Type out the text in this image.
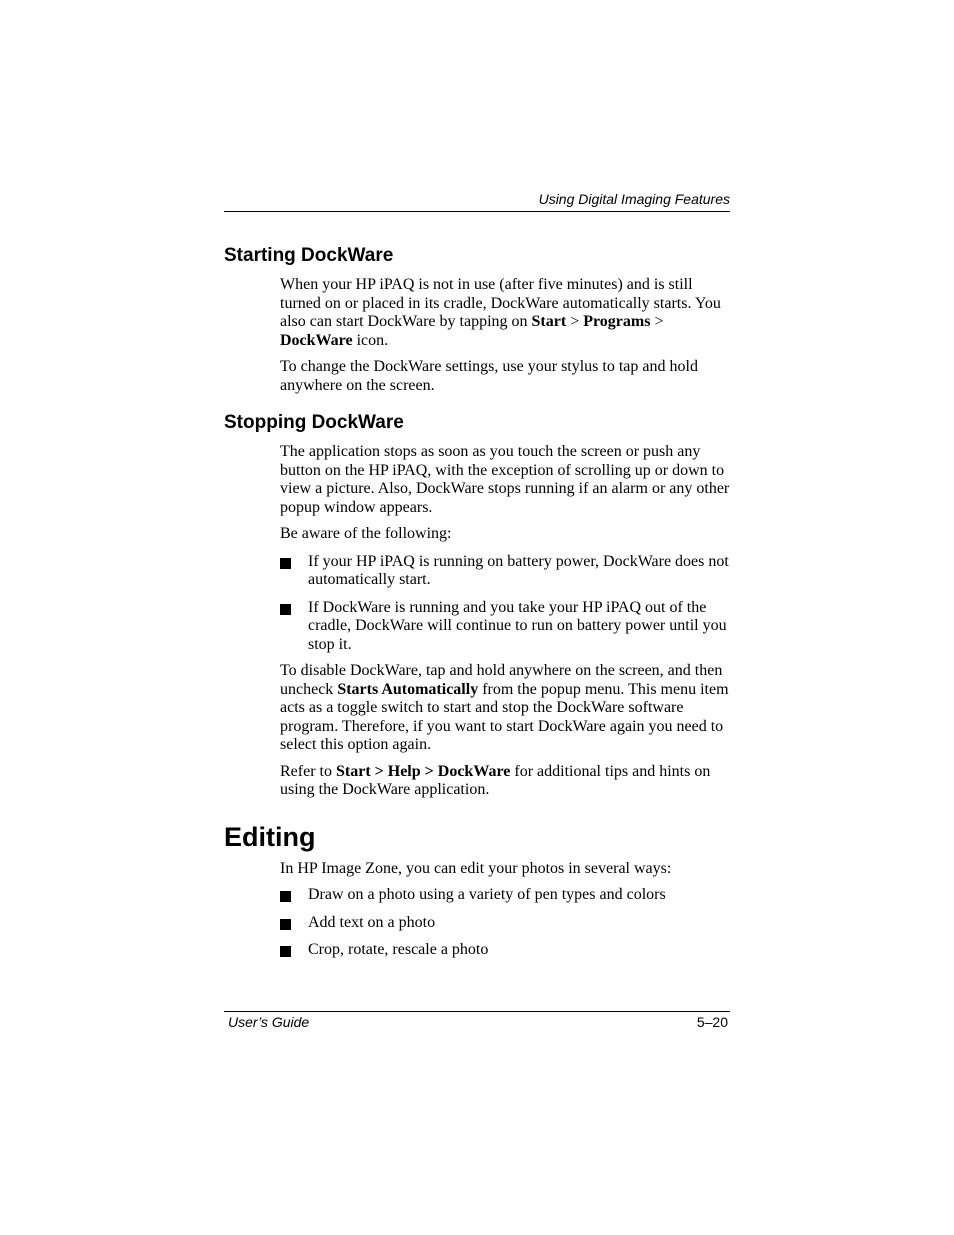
Using Digital Imaging Features
Starting DockWare

When your HP iPAQ is not in use (after five minutes) and is still turned on or placed in its cradle, DockWare automatically starts. You also can start DockWare by tapping on Start > Programs > DockWare icon.

To change the DockWare settings, use your stylus to tap and hold anywhere on the screen.

Stopping DockWare

The application stops as soon as you touch the screen or push any button on the HP iPAQ, with the exception of scrolling up or down to view a picture. Also, DockWare stops running if an alarm or any other popup window appears.

Be aware of the following:

If your HP iPAQ is running on battery power, DockWare does not automatically start.
If DockWare is running and you take your HP iPAQ out of the cradle, DockWare will continue to run on battery power until you stop it.

To disable DockWare, tap and hold anywhere on the screen, and then uncheck Starts Automatically from the popup menu. This menu item acts as a toggle switch to start and stop the DockWare software program. Therefore, if you want to start DockWare again you need to select this option again.

Refer to Start > Help > DockWare for additional tips and hints on using the DockWare application.

Editing

In HP Image Zone, you can edit your photos in several ways:

Draw on a photo using a variety of pen types and colors
Add text on a photo
Crop, rotate, rescale a photo
User’s Guide	5–20
